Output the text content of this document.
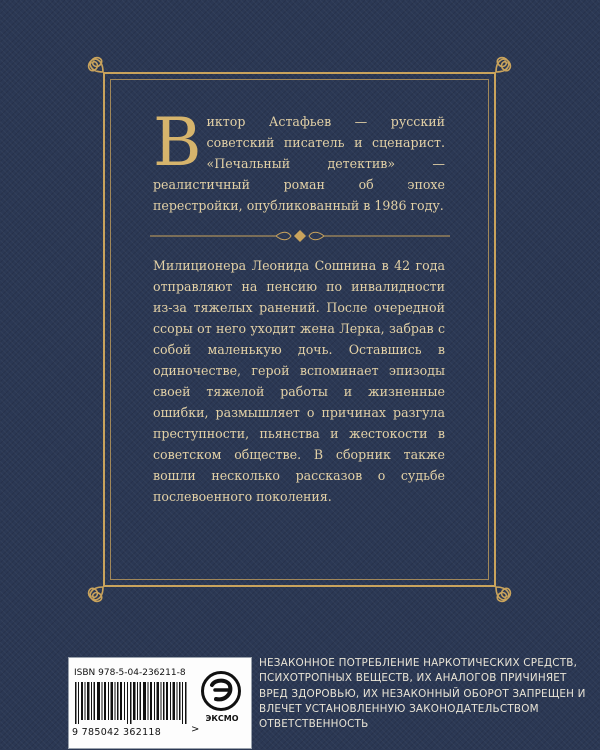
Виктор Астафьев — русский советский писатель и сценарист. «Печальный детектив» — реалистичный роман об эпохе перестройки, опубликованный в 1986 году.

Милиционера Леонида Сошнина в 42 года отправляют на пенсию по инвалидности из-за тяжелых ранений. После очередной ссоры от него уходит жена Лерка, забрав с собой маленькую дочь. Оставшись в одиночестве, герой вспоминает эпизоды своей тяжелой работы и жизненные ошибки, размышляет о причинах разгула преступности, пьянства и жестокости в советском обществе. В сборник также вошли несколько рассказов о судьбе послевоенного поколения.

ISBN 978-5-04-236211-8
9 785042 362118	>
ЭКСМО

НЕЗАКОННОЕ ПОТРЕБЛЕНИЕ НАРКОТИЧЕСКИХ СРЕДСТВ, ПСИХОТРОПНЫХ ВЕЩЕСТВ, ИХ АНАЛОГОВ ПРИЧИНЯЕТ ВРЕД ЗДОРОВЬЮ, ИХ НЕЗАКОННЫЙ ОБОРОТ ЗАПРЕЩЕН И ВЛЕЧЕТ УСТАНОВЛЕННУЮ ЗАКОНОДАТЕЛЬСТВОМ ОТВЕТСТВЕННОСТЬ
